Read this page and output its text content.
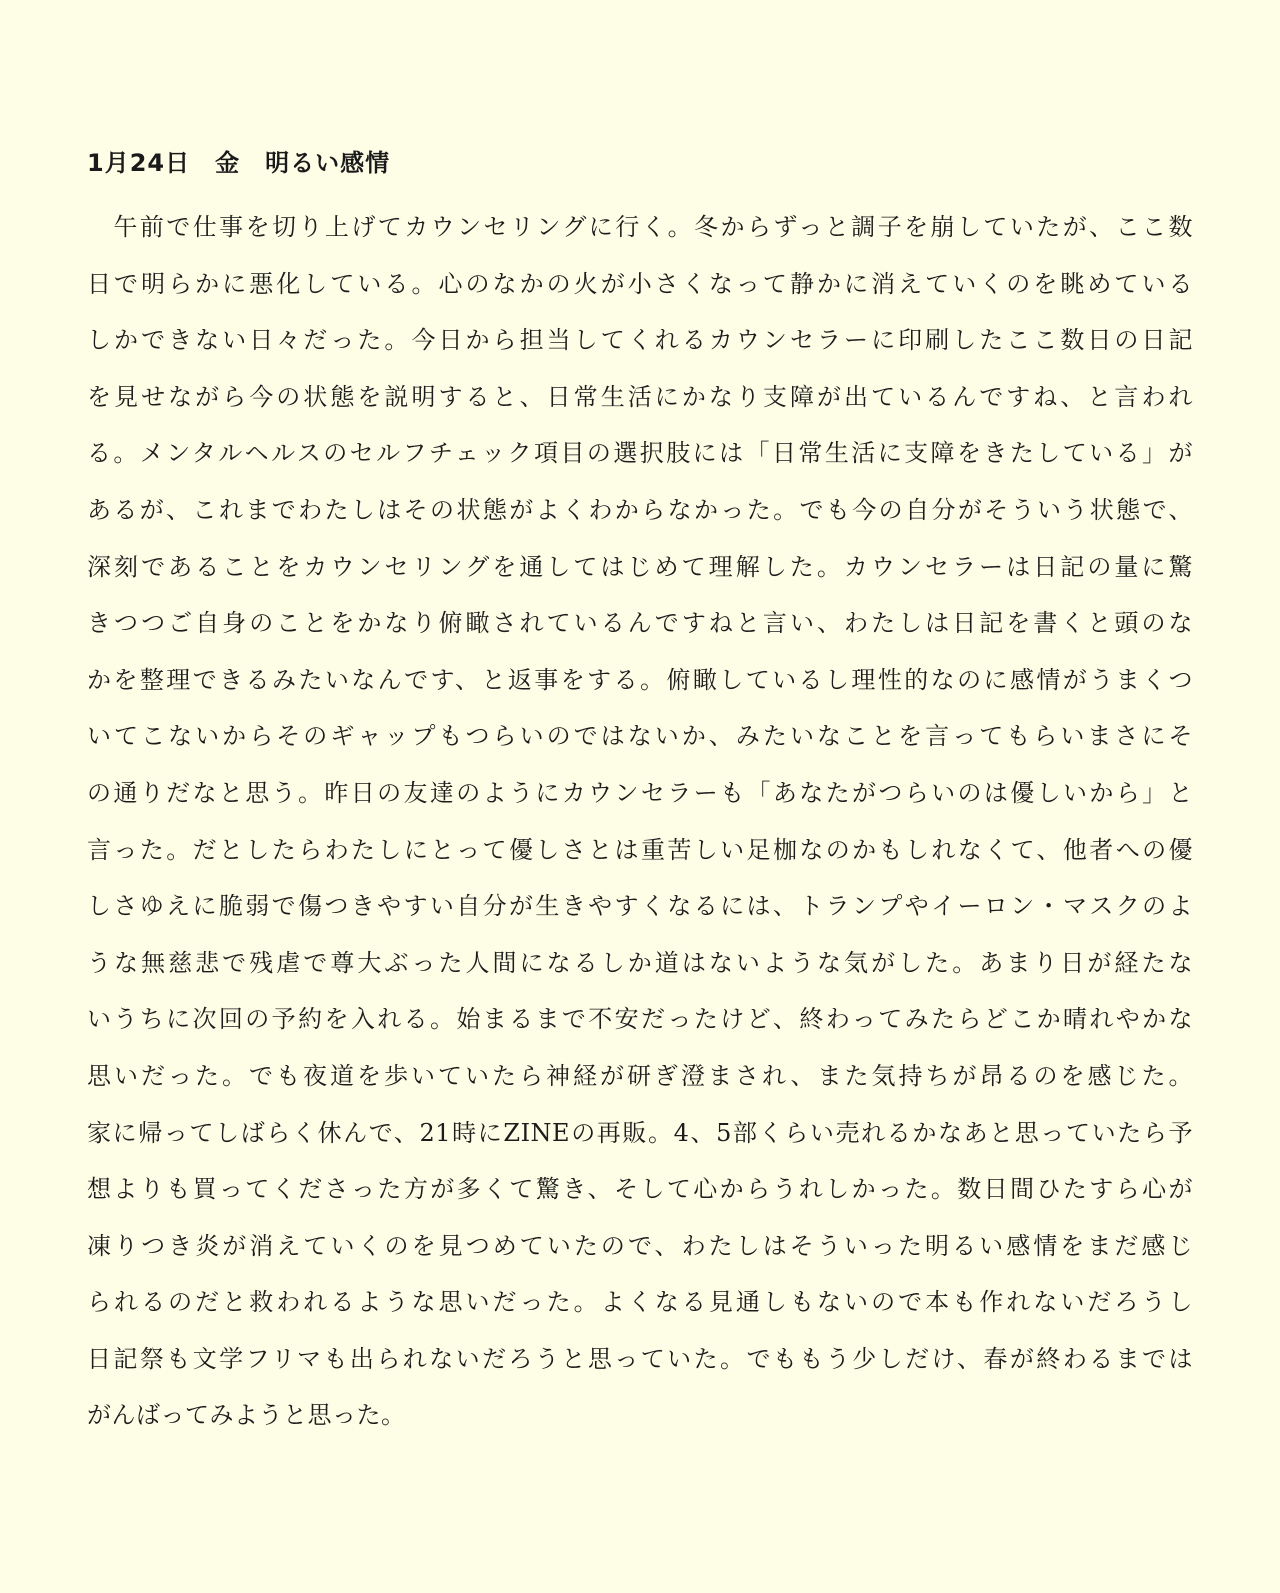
1月24日　金　明るい感情
　午前で仕事を切り上げてカウンセリングに行く。冬からずっと調子を崩していたが、ここ数
日で明らかに悪化している。心のなかの火が小さくなって静かに消えていくのを眺めている
しかできない日々だった。今日から担当してくれるカウンセラーに印刷したここ数日の日記
を見せながら今の状態を説明すると、日常生活にかなり支障が出ているんですね、と言われ
る。メンタルヘルスのセルフチェック項目の選択肢には「日常生活に支障をきたしている」が
あるが、これまでわたしはその状態がよくわからなかった。でも今の自分がそういう状態で、
深刻であることをカウンセリングを通してはじめて理解した。カウンセラーは日記の量に驚
きつつご自身のことをかなり俯瞰されているんですねと言い、わたしは日記を書くと頭のな
かを整理できるみたいなんです、と返事をする。俯瞰しているし理性的なのに感情がうまくつ
いてこないからそのギャップもつらいのではないか、みたいなことを言ってもらいまさにそ
の通りだなと思う。昨日の友達のようにカウンセラーも「あなたがつらいのは優しいから」と
言った。だとしたらわたしにとって優しさとは重苦しい足枷なのかもしれなくて、他者への優
しさゆえに脆弱で傷つきやすい自分が生きやすくなるには、トランプやイーロン・マスクのよ
うな無慈悲で残虐で尊大ぶった人間になるしか道はないような気がした。あまり日が経たな
いうちに次回の予約を入れる。始まるまで不安だったけど、終わってみたらどこか晴れやかな
思いだった。でも夜道を歩いていたら神経が研ぎ澄まされ、また気持ちが昂るのを感じた。
家に帰ってしばらく休んで、21時にZINEの再販。4、5部くらい売れるかなあと思っていたら予
想よりも買ってくださった方が多くて驚き、そして心からうれしかった。数日間ひたすら心が
凍りつき炎が消えていくのを見つめていたので、わたしはそういった明るい感情をまだ感じ
られるのだと救われるような思いだった。よくなる見通しもないので本も作れないだろうし
日記祭も文学フリマも出られないだろうと思っていた。でももう少しだけ、春が終わるまでは
がんばってみようと思った。
